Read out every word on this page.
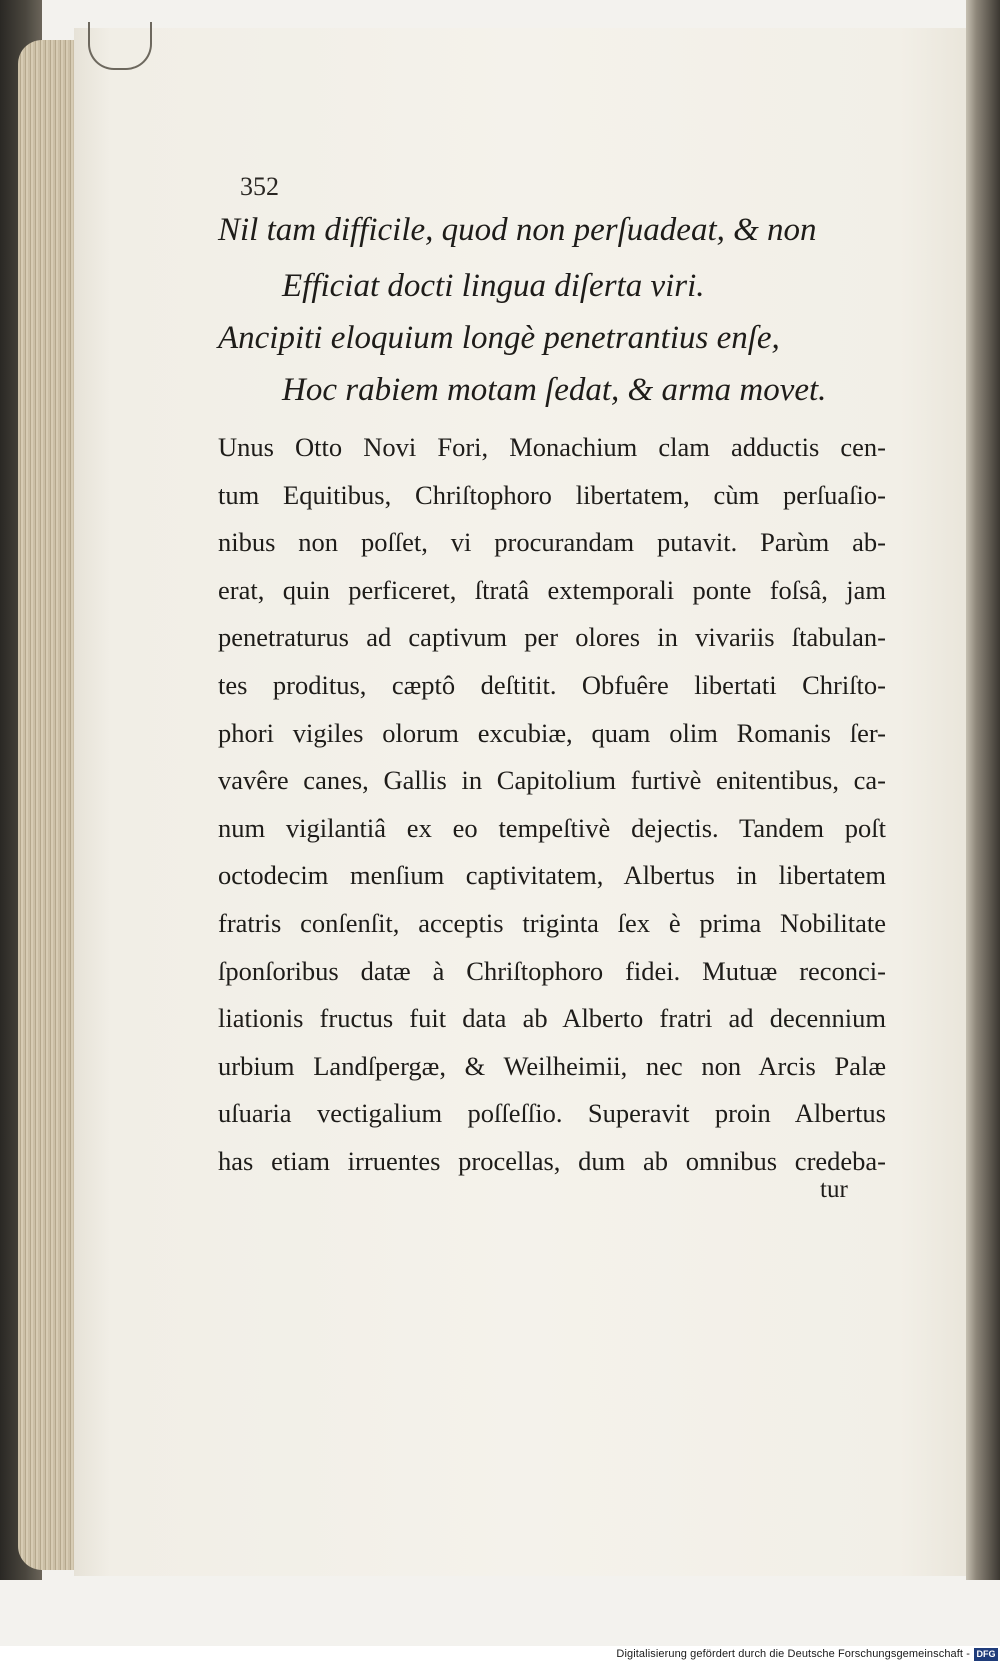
352
Nil tam difficile, quod non perſuadeat, & non
Efficiat docti lingua diſerta viri.
Ancipiti eloquium longè penetrantius enſe,
Hoc rabiem motam ſedat, & arma movet.
Unus Otto Novi Fori, Monachium clam adductis cen-
tum Equitibus, Chriſtophoro libertatem, cùm perſuaſio-
nibus non poſſet, vi procurandam putavit. Parùm ab-
erat, quin perficeret, ſtratâ extemporali ponte foſsâ, jam
penetraturus ad captivum per olores in vivariis ſtabulan-
tes proditus, cæptô deſtitit. Obfuêre libertati Chriſto-
phori vigiles olorum excubiæ, quam olim Romanis ſer-
vavêre canes, Gallis in Capitolium furtivè enitentibus, ca-
num vigilantiâ ex eo tempeſtivè dejectis. Tandem poſt
octodecim menſium captivitatem, Albertus in libertatem
fratris conſenſit, acceptis triginta ſex è prima Nobilitate
ſponſoribus datæ à Chriſtophoro fidei. Mutuæ reconci-
liationis fructus fuit data ab Alberto fratri ad decennium
urbium Landſpergæ, & Weilheimii, nec non Arcis Palæ
uſuaria vectigalium poſſeſſio. Superavit proin Albertus
has etiam irruentes procellas, dum ab omnibus credeba-
tur
Digitalisierung gefördert durch die Deutsche Forschungsgemeinschaft - DFG
